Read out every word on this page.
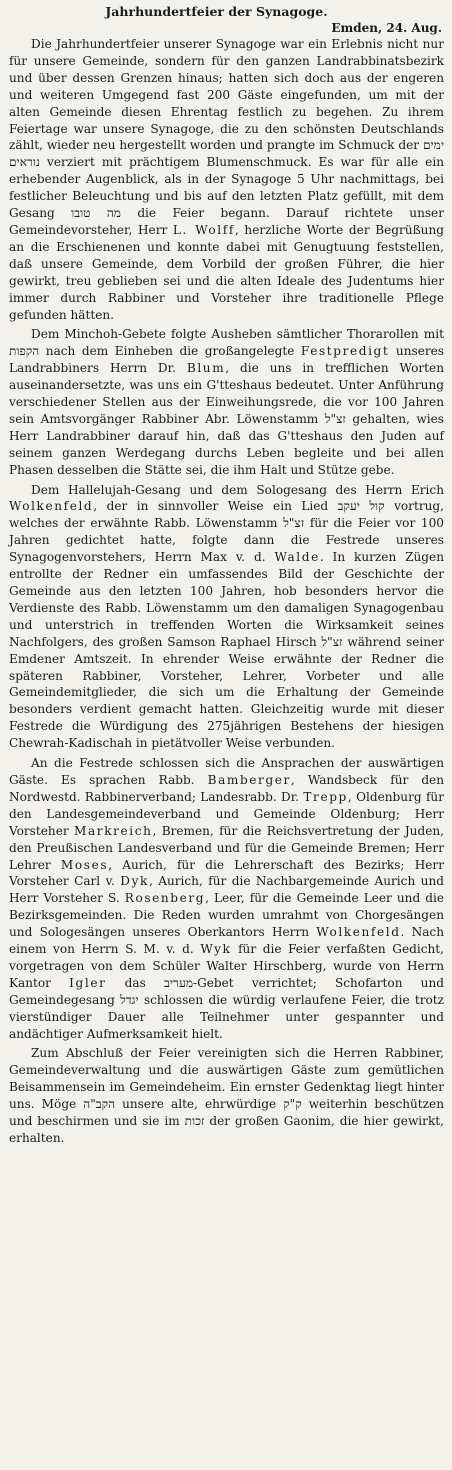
Jahrhundertfeier der Synagoge.
Emden, 24. Aug.

Die Jahrhundertfeier unserer Synagoge war ein Erlebnis nicht nur für unsere Gemeinde, sondern für den ganzen Landrabbinatsbezirk und über dessen Grenzen hinaus; hatten sich doch aus der engeren und weiteren Umgegend fast 200 Gäste eingefunden, um mit der alten Gemeinde diesen Ehrentag festlich zu begehen. Zu ihrem Feiertage war unsere Synagoge, die zu den schönsten Deutschlands zählt, wieder neu hergestellt worden und prangte im Schmuck der ימים נוראים verziert mit prächtigem Blumenschmuck. Es war für alle ein erhebender Augenblick, als in der Synagoge 5 Uhr nachmittags, bei festlicher Beleuchtung und bis auf den letzten Platz gefüllt, mit dem Gesang מה טובו die Feier begann. Darauf richtete unser Gemeindevorsteher, Herr L. Wolff, herzliche Worte der Begrüßung an die Erschienenen und konnte dabei mit Genugtuung feststellen, daß unsere Gemeinde, dem Vorbild der großen Führer, die hier gewirkt, treu geblieben sei und die alten Ideale des Judentums hier immer durch Rabbiner und Vorsteher ihre traditionelle Pflege gefunden hätten.

Dem Minchoh-Gebete folgte Ausheben sämtlicher Thorarollen mit הקפות nach dem Einheben die großangelegte Festpredigt unseres Landrabbiners Herrn Dr. Blum, die uns in trefflichen Worten auseinandersetzte, was uns ein G'tteshaus bedeutet. Unter Anführung verschiedener Stellen aus der Einweihungsrede, die vor 100 Jahren sein Amtsvorgänger Rabbiner Abr. Löwenstamm זצ"ל gehalten, wies Herr Landrabbiner darauf hin, daß das G'tteshaus den Juden auf seinem ganzen Werdegang durchs Leben begleite und bei allen Phasen desselben die Stätte sei, die ihm Halt und Stütze gebe.

Dem Hallelujah-Gesang und dem Sologesang des Herrn Erich Wolkenfeld, der in sinnvoller Weise ein Lied קול יעקב vortrug, welches der erwähnte Rabb. Löwenstamm זצ"ל für die Feier vor 100 Jahren gedichtet hatte, folgte dann die Festrede unseres Synagogenvorstehers, Herrn Max v. d. Walde. In kurzen Zügen entrollte der Redner ein umfassendes Bild der Geschichte der Gemeinde aus den letzten 100 Jahren, hob besonders hervor die Verdienste des Rabb. Löwenstamm um den damaligen Synagogenbau und unterstrich in treffenden Worten die Wirksamkeit seines Nachfolgers, des großen Samson Raphael Hirsch זצ"ל während seiner Emdener Amtszeit. In ehrender Weise erwähnte der Redner die späteren Rabbiner, Vorsteher, Lehrer, Vorbeter und alle Gemeindemitglieder, die sich um die Erhaltung der Gemeinde besonders verdient gemacht hatten. Gleichzeitig wurde mit dieser Festrede die Würdigung des 275jährigen Bestehens der hiesigen Chewrah-Kadischah in pietätvoller Weise verbunden.

An die Festrede schlossen sich die Ansprachen der auswärtigen Gäste. Es sprachen Rabb. Bamberger, Wandsbeck für den Nordwestd. Rabbinerverband; Landesrabb. Dr. Trepp, Oldenburg für den Landesgemeindeverband und Gemeinde Oldenburg; Herr Vorsteher Markreich, Bremen, für die Reichsvertretung der Juden, den Preußischen Landesverband und für die Gemeinde Bremen; Herr Lehrer Moses, Aurich, für die Lehrerschaft des Bezirks; Herr Vorsteher Carl v. Dyk, Aurich, für die Nachbargemeinde Aurich und Herr Vorsteher S. Rosenberg, Leer, für die Gemeinde Leer und die Bezirksgemeinden. Die Reden wurden umrahmt von Chorgesängen und Sologesängen unseres Oberkantors Herrn Wolkenfeld. Nach einem von Herrn S. M. v. d. Wyk für die Feier verfaßten Gedicht, vorgetragen von dem Schüler Walter Hirschberg, wurde von Herrn Kantor Igler das מעריב-Gebet verrichtet; Schofarton und Gemeindegesang יגדל schlossen die würdig verlaufene Feier, die trotz vierstündiger Dauer alle Teilnehmer unter gespannter und andächtiger Aufmerksamkeit hielt.

Zum Abschluß der Feier vereinigten sich die Herren Rabbiner, Gemeindeverwaltung und die auswärtigen Gäste zum gemütlichen Beisammensein im Gemeindeheim. Ein ernster Gedenktag liegt hinter uns. Möge הקב"ה unsere alte, ehrwürdige ק"ק weiterhin beschützen und beschirmen und sie im זכות der großen Gaonim, die hier gewirkt, erhalten.
